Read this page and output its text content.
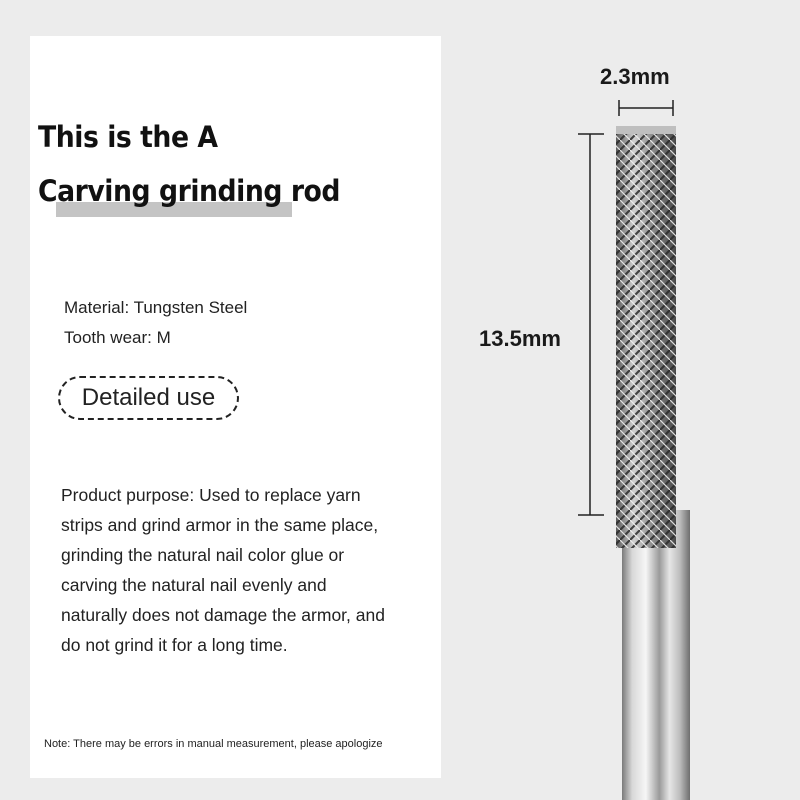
This is the A
Carving grinding rod
Material: Tungsten Steel
Tooth wear: M
Detailed use
Product purpose: Used to replace yarn strips and grind armor in the same place, grinding the natural nail color glue or carving the natural nail evenly and naturally does not damage the armor, and do not grind it for a long time.
Note: There may be errors in manual measurement, please apologize
2.3mm
13.5mm
